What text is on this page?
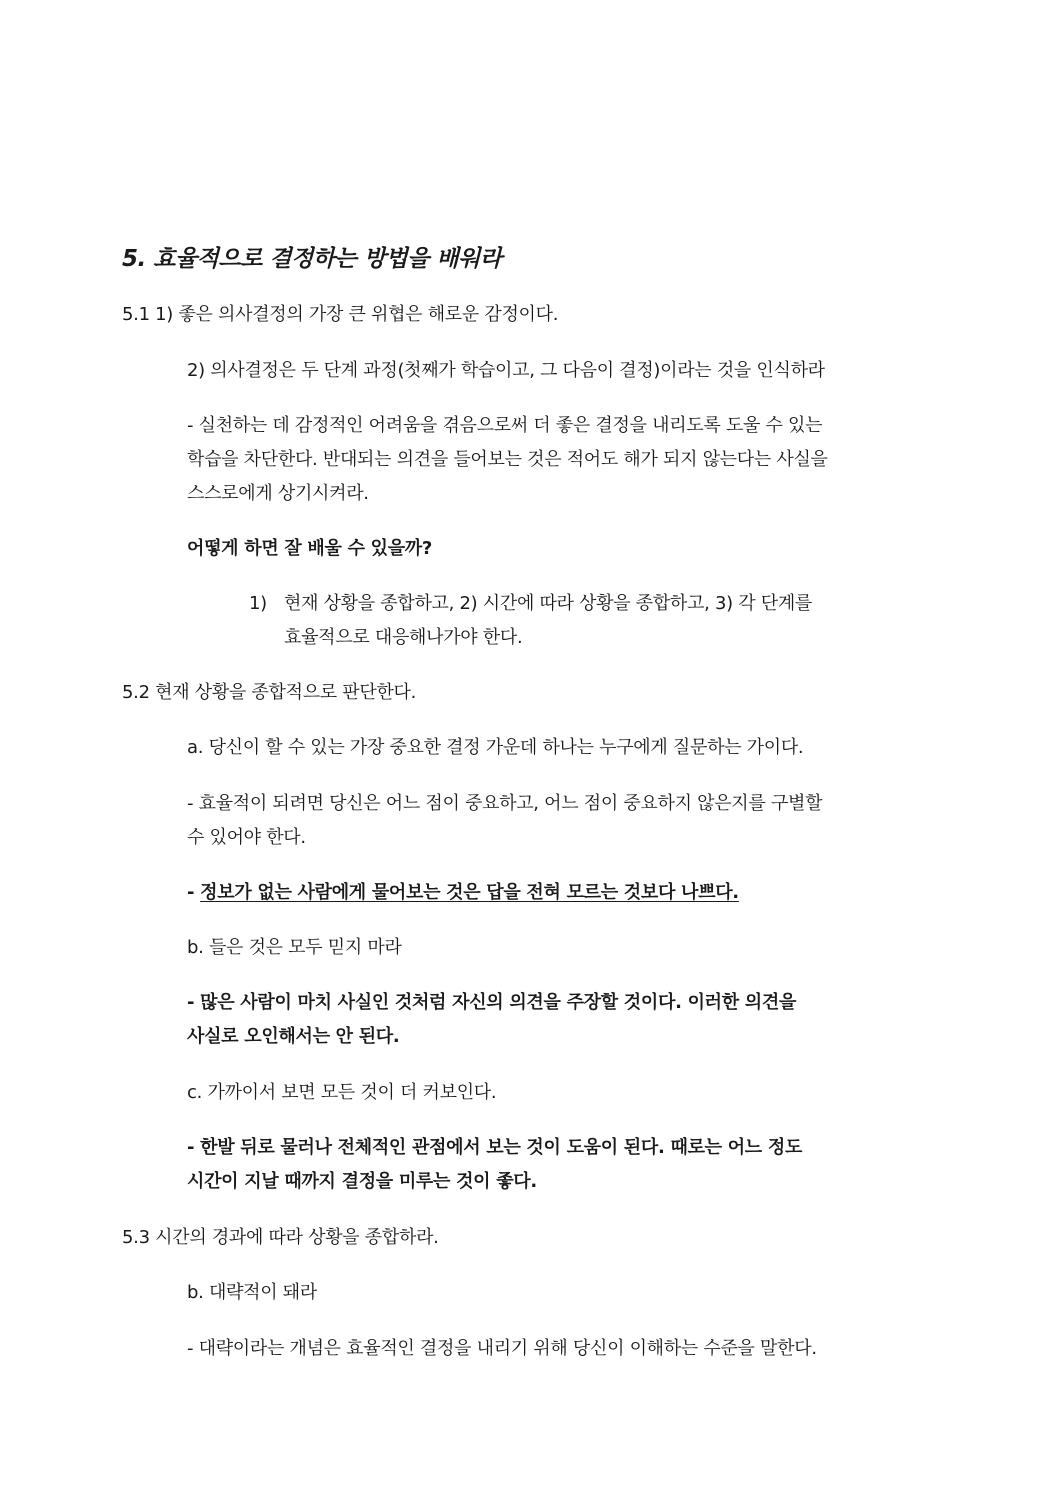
5. 효율적으로 결정하는 방법을 배워라
5.1 1) 좋은 의사결정의 가장 큰 위협은 해로운 감정이다.
2) 의사결정은 두 단계 과정(첫째가 학습이고, 그 다음이 결정)이라는 것을 인식하라
- 실천하는 데 감정적인 어려움을 겪음으로써 더 좋은 결정을 내리도록 도울 수 있는
학습을 차단한다. 반대되는 의견을 들어보는 것은 적어도 해가 되지 않는다는 사실을
스스로에게 상기시켜라.
어떻게 하면 잘 배울 수 있을까?
1) 현재 상황을 종합하고, 2) 시간에 따라 상황을 종합하고, 3) 각 단계를
효율적으로 대응해나가야 한다.
5.2 현재 상황을 종합적으로 판단한다.
a. 당신이 할 수 있는 가장 중요한 결정 가운데 하나는 누구에게 질문하는 가이다.
- 효율적이 되려면 당신은 어느 점이 중요하고, 어느 점이 중요하지 않은지를 구별할
수 있어야 한다.
- 정보가 없는 사람에게 물어보는 것은 답을 전혀 모르는 것보다 나쁘다.
b. 들은 것은 모두 믿지 마라
- 많은 사람이 마치 사실인 것처럼 자신의 의견을 주장할 것이다. 이러한 의견을
사실로 오인해서는 안 된다.
c. 가까이서 보면 모든 것이 더 커보인다.
- 한발 뒤로 물러나 전체적인 관점에서 보는 것이 도움이 된다. 때로는 어느 정도
시간이 지날 때까지 결정을 미루는 것이 좋다.
5.3 시간의 경과에 따라 상황을 종합하라.
b. 대략적이 돼라
- 대략이라는 개념은 효율적인 결정을 내리기 위해 당신이 이해하는 수준을 말한다.
